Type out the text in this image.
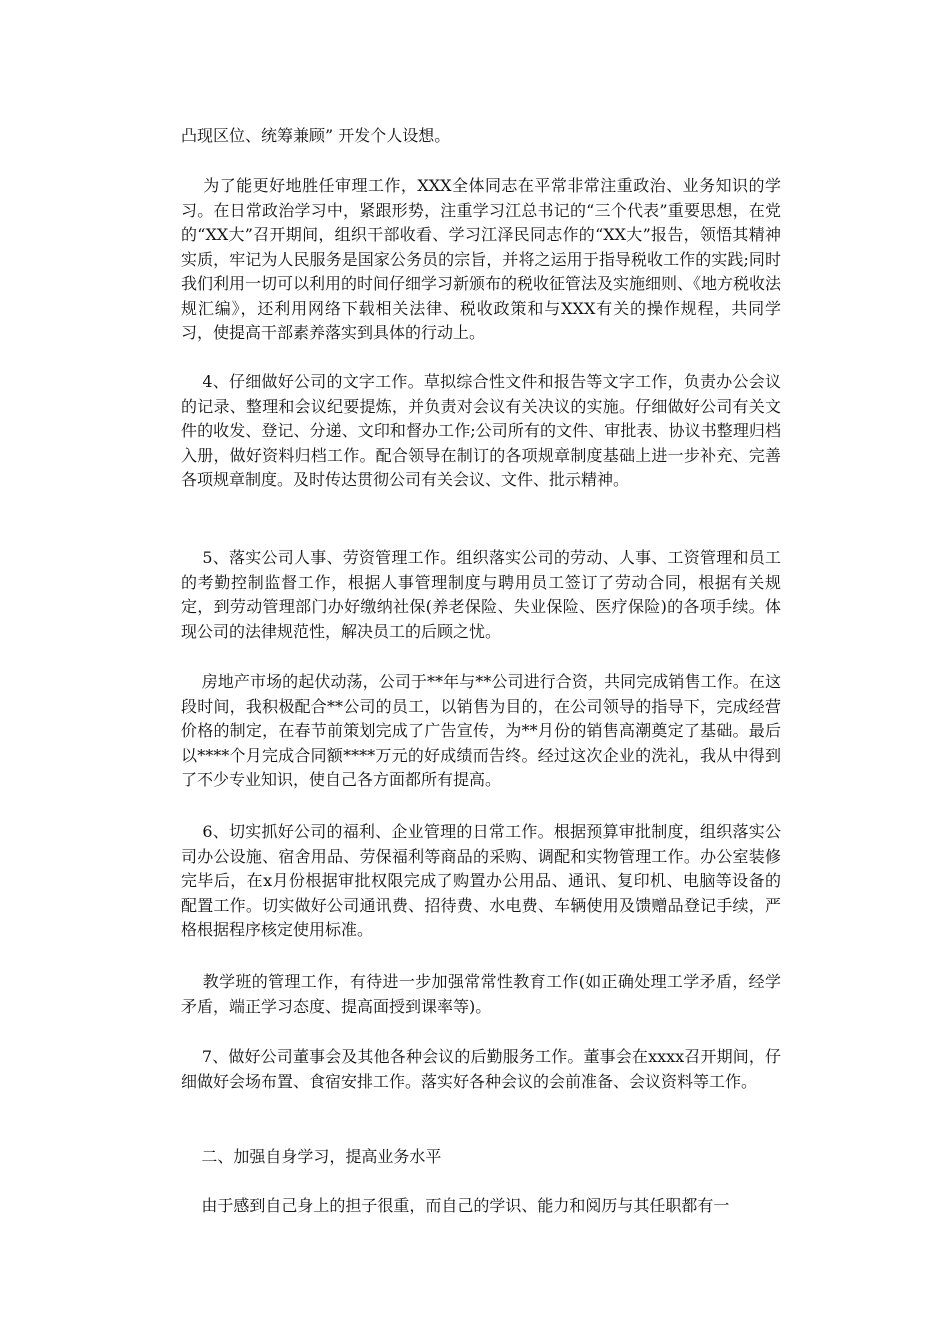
凸现区位、统筹兼顾” 开发个人设想。
为了能更好地胜任审理工作，XXX全体同志在平常非常注重政治、业务知识的学习。在日常政治学习中，紧跟形势，注重学习江总书记的“三个代表”重要思想，在党的“XX大”召开期间，组织干部收看、学习江泽民同志作的“XX大”报告，领悟其精神实质，牢记为人民服务是国家公务员的宗旨，并将之运用于指导税收工作的实践;同时我们利用一切可以利用的时间仔细学习新颁布的税收征管法及实施细则、《地方税收法规汇编》，还利用网络下载相关法律、税收政策和与XXX有关的操作规程，共同学习，使提高干部素养落实到具体的行动上。
4、仔细做好公司的文字工作。草拟综合性文件和报告等文字工作，负责办公会议的记录、整理和会议纪要提炼，并负责对会议有关决议的实施。仔细做好公司有关文件的收发、登记、分递、文印和督办工作;公司所有的文件、审批表、协议书整理归档入册，做好资料归档工作。配合领导在制订的各项规章制度基础上进一步补充、完善各项规章制度。及时传达贯彻公司有关会议、文件、批示精神。
5、落实公司人事、劳资管理工作。组织落实公司的劳动、人事、工资管理和员工的考勤控制监督工作，根据人事管理制度与聘用员工签订了劳动合同，根据有关规定，到劳动管理部门办好缴纳社保(养老保险、失业保险、医疗保险)的各项手续。体现公司的法律规范性，解决员工的后顾之忧。
房地产市场的起伏动荡，公司于**年与**公司进行合资，共同完成销售工作。在这段时间，我积极配合**公司的员工，以销售为目的，在公司领导的指导下，完成经营价格的制定，在春节前策划完成了广告宣传，为**月份的销售高潮奠定了基础。最后以****个月完成合同额****万元的好成绩而告终。经过这次企业的洗礼，我从中得到了不少专业知识，使自己各方面都所有提高。
6、切实抓好公司的福利、企业管理的日常工作。根据预算审批制度，组织落实公司办公设施、宿舍用品、劳保福利等商品的采购、调配和实物管理工作。办公室装修完毕后，在x月份根据审批权限完成了购置办公用品、通讯、复印机、电脑等设备的配置工作。切实做好公司通讯费、招待费、水电费、车辆使用及馈赠品登记手续，严格根据程序核定使用标准。
教学班的管理工作，有待进一步加强常常性教育工作(如正确处理工学矛盾，经学矛盾，端正学习态度、提高面授到课率等)。
7、做好公司董事会及其他各种会议的后勤服务工作。董事会在xxxx召开期间，仔细做好会场布置、食宿安排工作。落实好各种会议的会前准备、会议资料等工作。
二、加强自身学习，提高业务水平
由于感到自己身上的担子很重，而自己的学识、能力和阅历与其任职都有一
